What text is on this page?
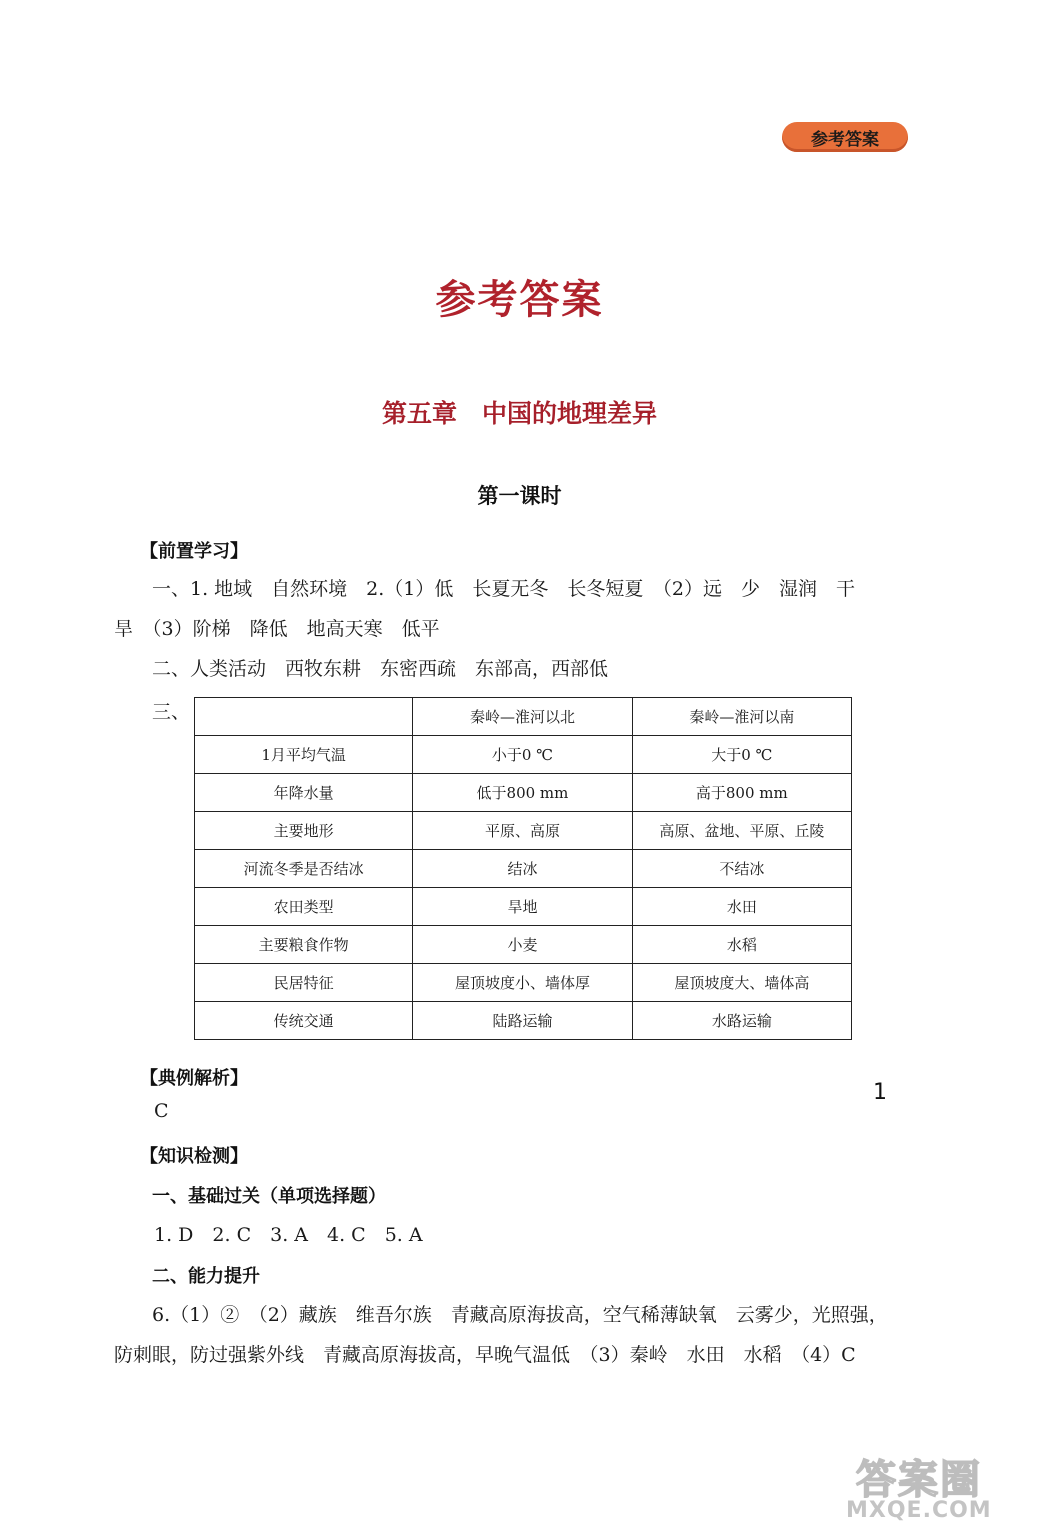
参考答案
参考答案
第五章　中国的地理差异
第一课时
【前置学习】
一、1. 地域　自然环境　2.（1）低　长夏无冬　长冬短夏　（2）远　少　湿润　干
旱　（3）阶梯　降低　地高天寒　低平
二、人类活动　西牧东耕　东密西疏　东部高，西部低
三、
		秦岭—淮河以北	秦岭—淮河以南
1月平均气温	小于0 ℃	大于0 ℃
年降水量	低于800 mm	高于800 mm
主要地形	平原、高原	高原、盆地、平原、丘陵
河流冬季是否结冰	结冰	不结冰
农田类型	旱地	水田
主要粮食作物	小麦	水稻
民居特征	屋顶坡度小、墙体厚	屋顶坡度大、墙体高
传统交通	陆路运输	水路运输
【典例解析】
C
【知识检测】
一、基础过关（单项选择题）
1. D　2. C　3. A　4. C　5. A
二、能力提升
6.（1）②　（2）藏族　维吾尔族　青藏高原海拔高，空气稀薄缺氧　云雾少，光照强，
防刺眼，防过强紫外线　青藏高原海拔高，早晚气温低　（3）秦岭　水田　水稻　（4）C
1
答案圈
MXQE.COM
